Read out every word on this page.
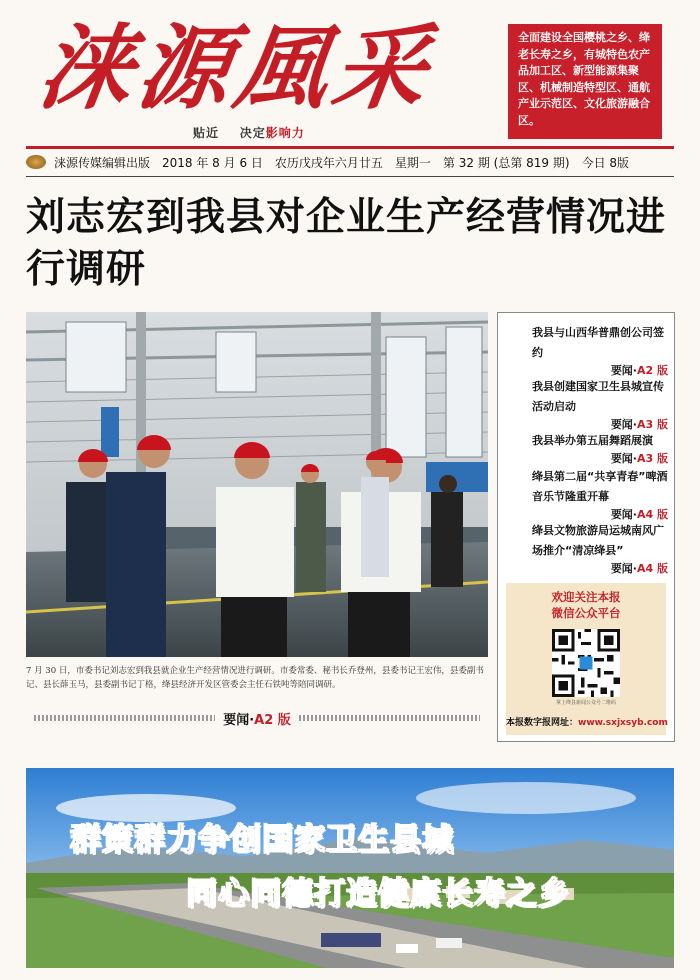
涞源風采
贴近 决定影响力
全面建设全国樱桃之乡、绛老长寿之乡，有城特色农产品加工区、新型能源集聚区、机械制造特型区、通航产业示范区、文化旅游融合区。
涞源传媒编辑出版 2018 年 8 月 6 日 农历戊戌年六月廿五 星期一 第 32 期 (总第 819 期) 今日 8版
刘志宏到我县对企业生产经营情况进行调研
7 月 30 日，市委书记刘志宏到我县就企业生产经营情况进行调研。市委常委、秘书长乔登州，县委书记王宏伟，县委副书记、县长薛玉马，县委副书记丁格，绛县经济开发区管委会主任石铁吨等陪同调研。
要闻· A2 版
我县与山西华普鼎创公司签约
要闻·A2 版
我县创建国家卫生县城宣传活动启动
要闻·A3 版
我县举办第五届舞蹈展演
要闻·A3 版
绛县第二届“共享青春”啤酒音乐节隆重开幕
要闻·A4 版
绛县文物旅游局运城南风广场推介“清凉绛县”
要闻·A4 版
欢迎关注本报
微信公众平台
掌上绛县新闻公众号二维码
本报数字报网址：www.sxjxsyb.com
群策群力争创国家卫生县城
同心同德打造健康长寿之乡
